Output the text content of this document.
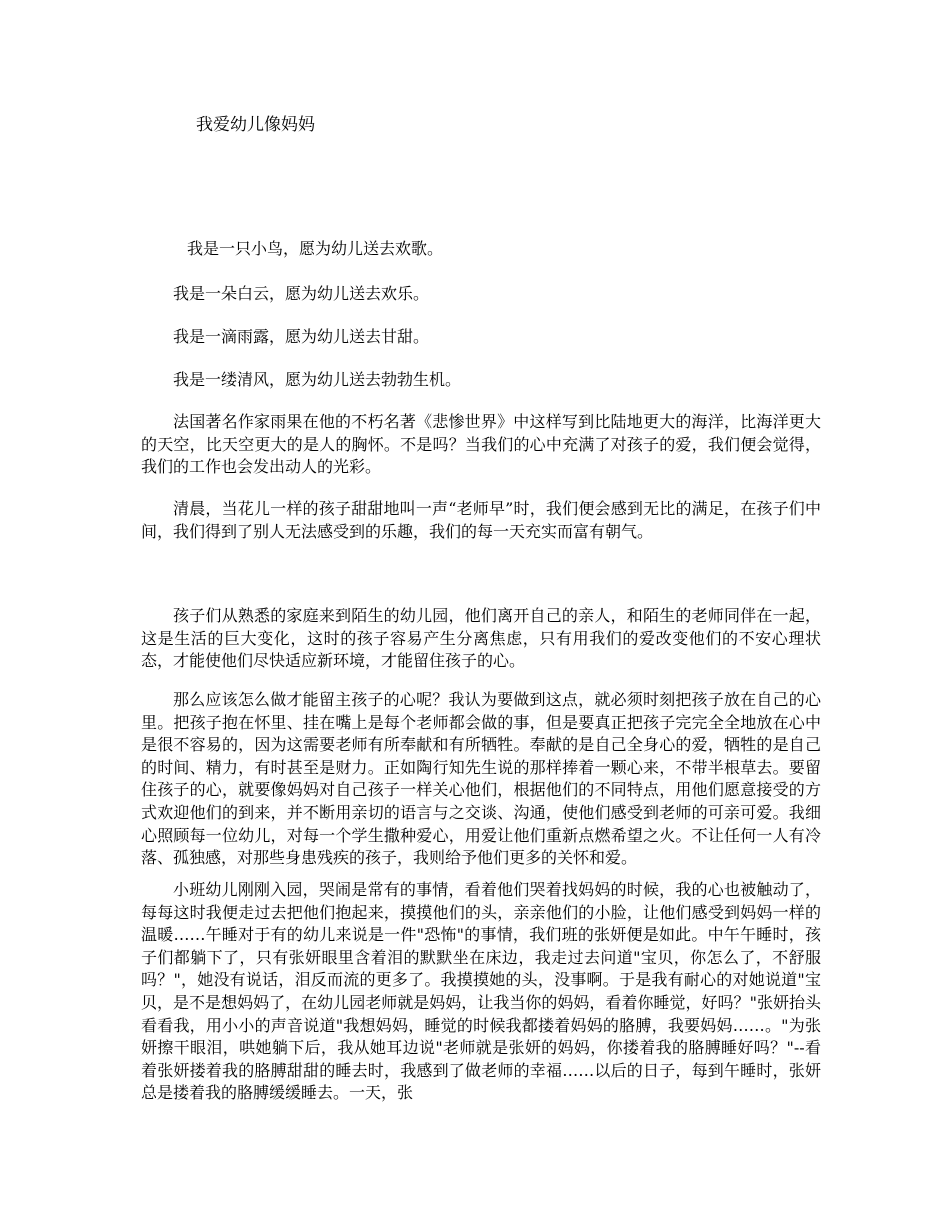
我爱幼儿像妈妈

我是一只小鸟，愿为幼儿送去欢歌。

我是一朵白云，愿为幼儿送去欢乐。

我是一滴雨露，愿为幼儿送去甘甜。

我是一缕清风，愿为幼儿送去勃勃生机。

法国著名作家雨果在他的不朽名著《悲惨世界》中这样写到比陆地更大的海洋，比海洋更大的天空，比天空更大的是人的胸怀。不是吗？当我们的心中充满了对孩子的爱，我们便会觉得，我们的工作也会发出动人的光彩。

清晨，当花儿一样的孩子甜甜地叫一声“老师早”时，我们便会感到无比的满足，在孩子们中间，我们得到了别人无法感受到的乐趣，我们的每一天充实而富有朝气。

孩子们从熟悉的家庭来到陌生的幼儿园，他们离开自己的亲人，和陌生的老师同伴在一起，这是生活的巨大变化，这时的孩子容易产生分离焦虑，只有用我们的爱改变他们的不安心理状态，才能使他们尽快适应新环境，才能留住孩子的心。

那么应该怎么做才能留主孩子的心呢？我认为要做到这点，就必须时刻把孩子放在自己的心里。把孩子抱在怀里、挂在嘴上是每个老师都会做的事，但是要真正把孩子完完全全地放在心中是很不容易的，因为这需要老师有所奉献和有所牺牲。奉献的是自己全身心的爱，牺牲的是自己的时间、精力，有时甚至是财力。正如陶行知先生说的那样捧着一颗心来，不带半根草去。要留住孩子的心，就要像妈妈对自己孩子一样关心他们，根据他们的不同特点，用他们愿意接受的方式欢迎他们的到来，并不断用亲切的语言与之交谈、沟通，使他们感受到老师的可亲可爱。我细心照顾每一位幼儿，对每一个学生撒种爱心，用爱让他们重新点燃希望之火。不让任何一人有冷落、孤独感，对那些身患残疾的孩子，我则给予他们更多的关怀和爱。

小班幼儿刚刚入园，哭闹是常有的事情，看着他们哭着找妈妈的时候，我的心也被触动了，每每这时我便走过去把他们抱起来，摸摸他们的头，亲亲他们的小脸，让他们感受到妈妈一样的温暖……午睡对于有的幼儿来说是一件"恐怖"的事情，我们班的张妍便是如此。中午午睡时，孩子们都躺下了，只有张妍眼里含着泪的默默坐在床边，我走过去问道"宝贝，你怎么了，不舒服吗？"，她没有说话，泪反而流的更多了。我摸摸她的头，没事啊。于是我有耐心的对她说道"宝贝，是不是想妈妈了，在幼儿园老师就是妈妈，让我当你的妈妈，看着你睡觉，好吗？"张妍抬头看看我，用小小的声音说道"我想妈妈，睡觉的时候我都搂着妈妈的胳膊，我要妈妈……。"为张妍擦干眼泪，哄她躺下后，我从她耳边说"老师就是张妍的妈妈，你搂着我的胳膊睡好吗？"--看着张妍搂着我的胳膊甜甜的睡去时，我感到了做老师的幸福……以后的日子，每到午睡时，张妍总是搂着我的胳膊缓缓睡去。一天，张
